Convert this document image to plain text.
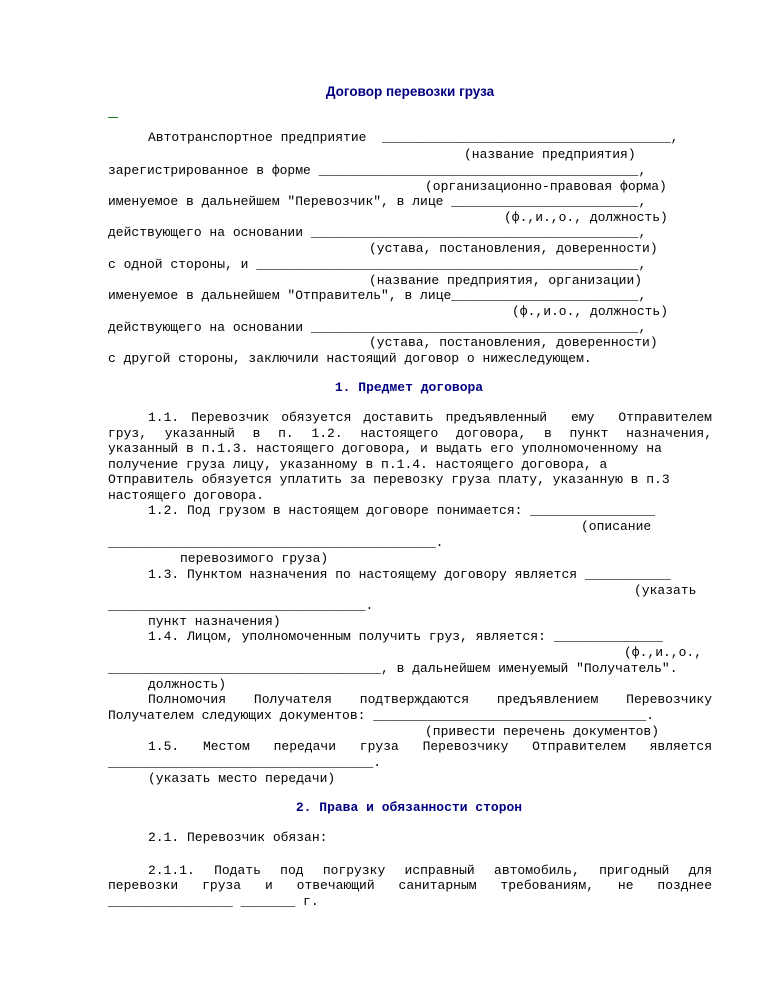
Договор перевозки груза
Автотранспортное предприятие  _____________________________________,
(название предприятия)
зарегистрированное в форме _________________________________________,
(организационно-правовая форма)
именуемое в дальнейшем "Перевозчик", в лице ________________________,
(ф.,и.,о., должность)
действующего на основании __________________________________________,
(устава, постановления, доверенности)
с одной стороны, и _________________________________________________,
(название предприятия, организации)
именуемое в дальнейшем "Отправитель", в лице________________________,
(ф.,и.о., должность)
действующего на основании __________________________________________,
(устава, постановления, доверенности)
с другой стороны, заключили настоящий договор о нижеследующем.
1. Предмет договора
1.1. Перевозчик обязуется доставить предъявленный  ему  Отправителем
груз, указанный в п. 1.2. настоящего договора, в пункт назначения,
указанный в п.1.3. настоящего договора, и выдать его уполномоченному на
получение груза лицу, указанному в п.1.4. настоящего договора, а
Отправитель обязуется уплатить за перевозку груза плату, указанную в п.3
настоящего договора.
1.2. Под грузом в настоящем договоре понимается: ________________
(описание
__________________________________________.
перевозимого груза)
1.3. Пунктом назначения по настоящему договору является ___________
(указать
_________________________________.
пункт назначения)
1.4. Лицом, уполномоченным получить груз, является: ______________
(ф.,и.,о.,
___________________________________, в дальнейшем именуемый "Получатель".
должность)
Полномочия Получателя подтверждаются предъявлением Перевозчику
Получателем следующих документов: ___________________________________.
(привести перечень документов)
1.5. Местом передачи груза Перевозчику Отправителем является
__________________________________.
(указать место передачи)
2. Права и обязанности сторон
2.1. Перевозчик обязан:
2.1.1. Подать под погрузку исправный автомобиль, пригодный для
перевозки груза и отвечающий санитарным требованиям, не позднее
________________ _______ г.
